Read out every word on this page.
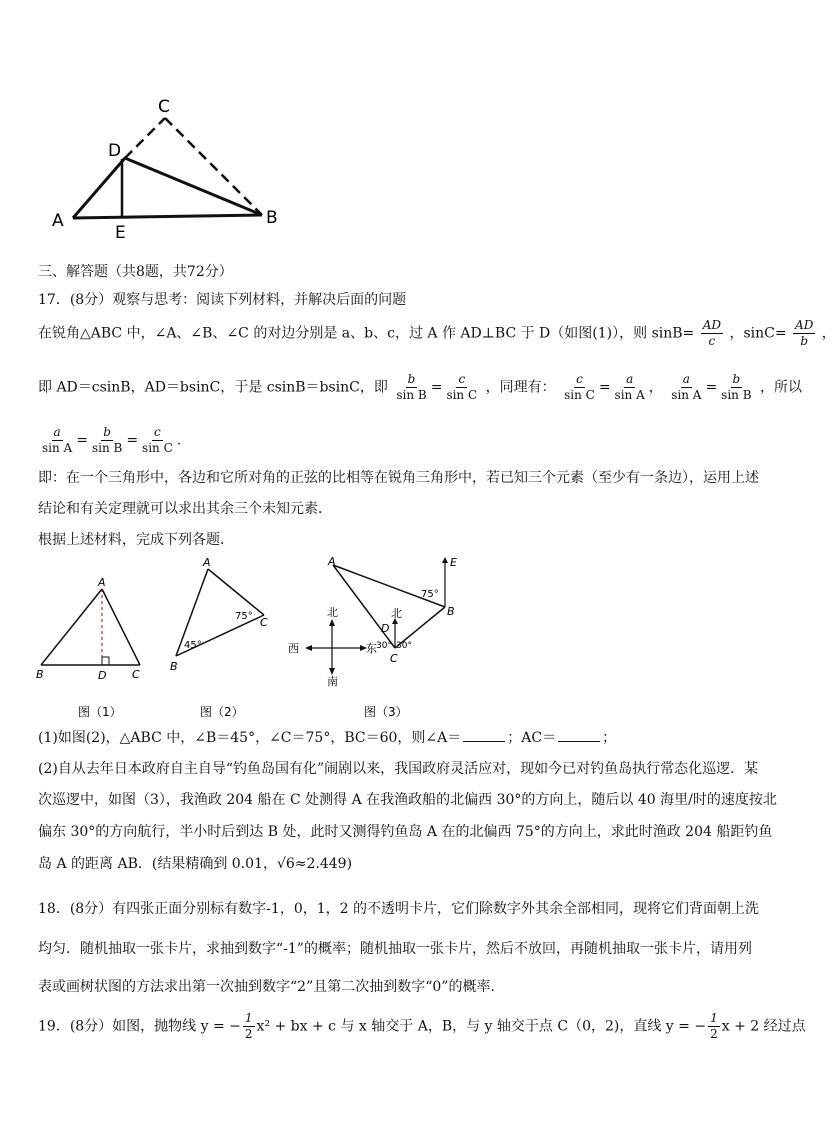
C
D
A
E
B
三、解答题（共8题，共72分）
17．(8分）观察与思考：阅读下列材料，并解决后面的问题
在锐角△ABC 中，∠A、∠B、∠C 的对边分别是 a、b、c，过 A 作 AD⊥BC 于 D（如图(1)），则 $\sin B= \frac{AD}{c}$ ，$\sin C= \frac{AD}{b}$ ，
即 AD＝csinB，AD＝bsinC，于是 csinB＝bsinC，即 $\frac{b}{\text{sin B}} = \frac{c}{\text{sin C}}$ ，同理有： $\frac{c}{\text{sin C}} = \frac{a}{\text{sin A}}$ ， $\frac{a}{\text{sin A}} = \frac{b}{\text{sin B}}$ ，所以
$\frac{a}{\text{sin A}} = \frac{b}{\text{sin B}} = \frac{c}{\text{sin C}}$ .
即：在一个三角形中，各边和它所对角的正弦的比相等在锐角三角形中，若已知三个元素（至少有一条边），运用上述
结论和有关定理就可以求出其余三个未知元素．
根据上述材料，完成下列各题．
A
B	D C
图（1）
A
B
C
45°
75°
图（2）
北
南
西	东
A
B
C
D
E
北
75°
30° 30°
图（3）
(1)如图(2)，△ABC 中，∠B＝45°，∠C＝75°，BC＝60，则∠A＝	；AC＝	；
(2)自从去年日本政府自主自导“钓鱼岛国有化”闹剧以来，我国政府灵活应对，现如今已对钓鱼岛执行常态化巡逻．某
次巡逻中，如图（3），我渔政 204 船在 C 处测得 A 在我渔政船的北偏西 30°的方向上，随后以 40 海里/时的速度按北
偏东 30°的方向航行，半小时后到达 B 处，此时又测得钓鱼岛 A 在的北偏西 75°的方向上，求此时渔政 204 船距钓鱼
岛 A 的距离 AB．(结果精确到 0.01，√6≈2.449)
18．(8分）有四张正面分别标有数字-1，0，1，2 的不透明卡片，它们除数字外其余全部相同，现将它们背面朝上洗
均匀．随机抽取一张卡片，求抽到数字“-1”的概率；随机抽取一张卡片，然后不放回，再随机抽取一张卡片，请用列
表或画树状图的方法求出第一次抽到数字“2”且第二次抽到数字“0”的概率．
19．(8分）如图，抛物线 y = − $\frac{1}{2} x^2$ + bx + c 与 x 轴交于 A，B，与 y 轴交于点 C（0，2)，直线 y = − $\frac{1}{2}$ x + 2 经过点
